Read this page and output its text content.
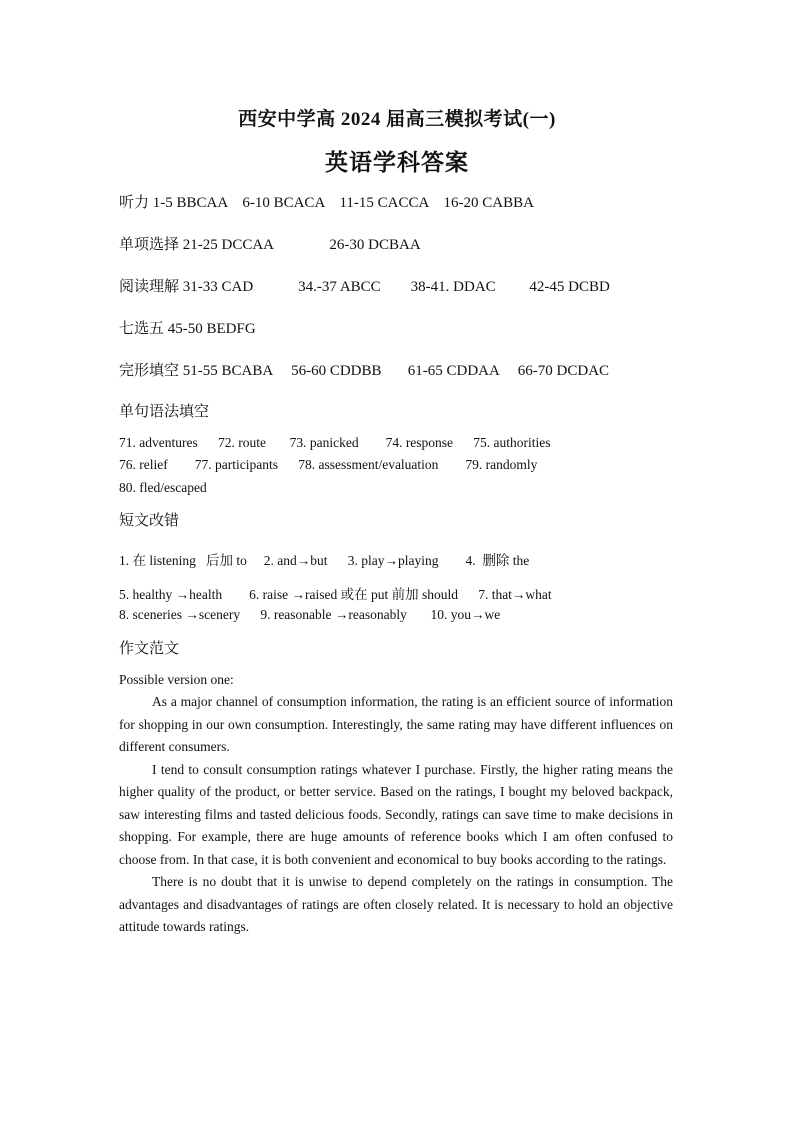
西安中学高 2024 届高三模拟考试(一)
英语学科答案
听力 1-5 BBCAA    6-10 BCACA    11-15 CACCA    16-20 CABBA
单项选择 21-25 DCCAA               26-30 DCBAA
阅读理解 31-33 CAD            34.-37 ABCC        38-41. DDAC         42-45 DCBD
七选五 45-50 BEDFG
完形填空 51-55 BCABA     56-60 CDDBB       61-65 CDDAA     66-70 DCDAC
单句语法填空
71. adventures      72. route       73. panicked        74. response      75. authorities
76. relief        77. participants      78. assessment/evaluation        79. randomly
80. fled/escaped
短文改错
1. 在 listening   后加 to     2. and→but      3. play→playing        4.  删除 the
5. healthy →health        6. raise →raised 或在 put 前加 should      7. that→what
8. sceneries →scenery      9. reasonable →reasonably       10. you→we
作文范文
Possible version one:

As a major channel of consumption information, the rating is an efficient source of information for shopping in our own consumption. Interestingly, the same rating may have different influences on different consumers.

I tend to consult consumption ratings whatever I purchase. Firstly, the higher rating means the higher quality of the product, or better service. Based on the ratings, I bought my beloved backpack, saw interesting films and tasted delicious foods. Secondly, ratings can save time to make decisions in shopping. For example, there are huge amounts of reference books which I am often confused to choose from. In that case, it is both convenient and economical to buy books according to the ratings.

There is no doubt that it is unwise to depend completely on the ratings in consumption. The advantages and disadvantages of ratings are often closely related. It is necessary to hold an objective attitude towards ratings.
